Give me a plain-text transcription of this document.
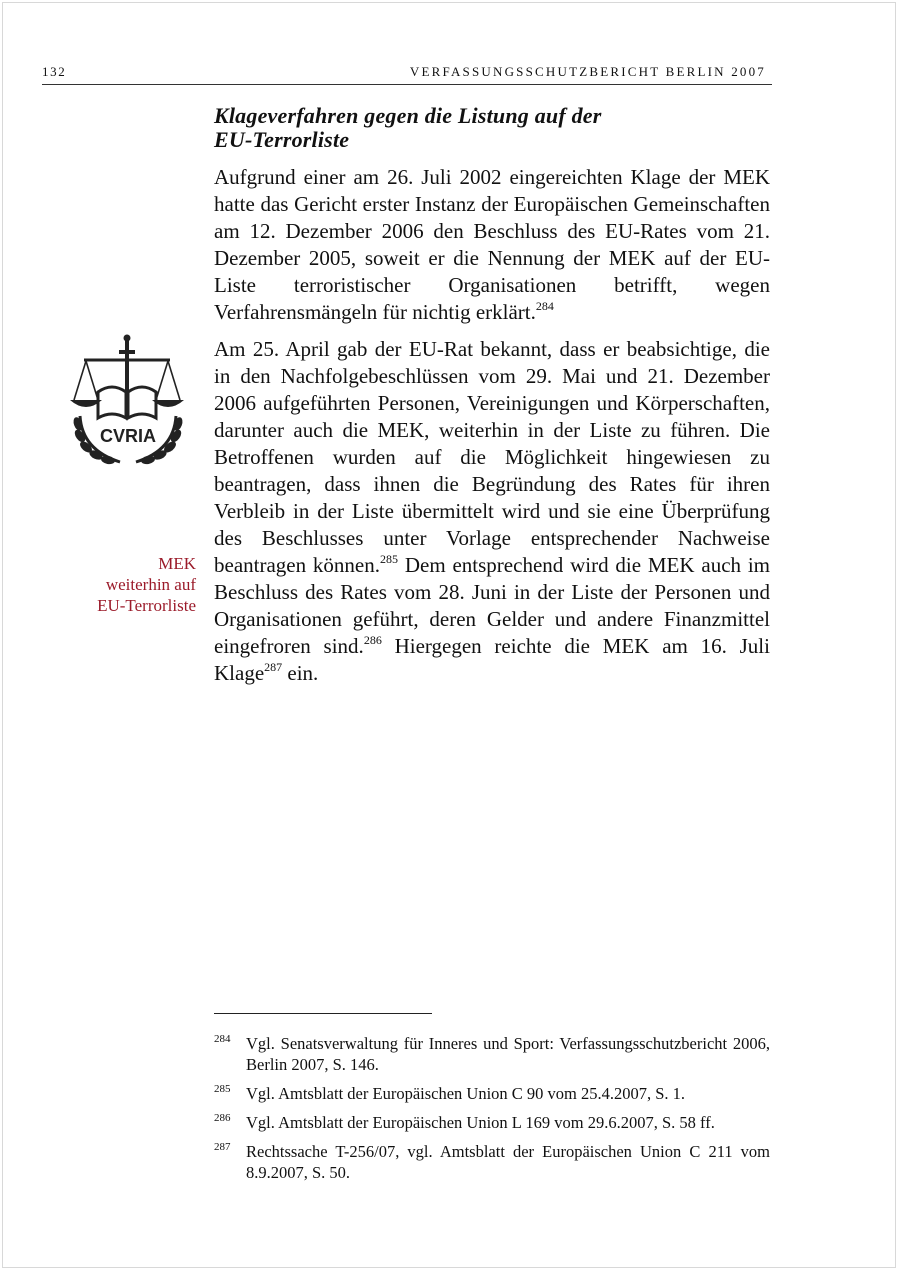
132	VERFASSUNGSSCHUTZBERICHT BERLIN 2007
Klageverfahren gegen die Listung auf der
EU-Terrorliste

Aufgrund einer am 26. Juli 2002 eingereichten Klage der MEK hatte das Gericht erster Instanz der Europäischen Gemeinschaften am 12. Dezember 2006 den Beschluss des EU-Rates vom 21. Dezember 2005, soweit er die Nennung der MEK auf der EU-Liste terroristischer Organisationen betrifft, wegen Verfahrensmängeln für nichtig erklärt.$^{284}$

Am 25. April gab der EU-Rat bekannt, dass er beabsichtige, die in den Nachfolgebeschlüssen vom 29. Mai und 21. Dezember 2006 aufgeführten Personen, Vereinigungen und Körperschaften, darunter auch die MEK, weiterhin in der Liste zu führen. Die Betroffenen wurden auf die Möglichkeit hingewiesen zu beantragen, dass ihnen die Begründung des Rates für ihren Verbleib in der Liste übermittelt wird und sie eine Überprüfung des Beschlusses unter Vorlage entsprechender Nachweise beantragen können.$^{285}$ Dem entsprechend wird die MEK auch im Beschluss des Rates vom 28. Juni in der Liste der Personen und Organisationen geführt, deren Gelder und andere Finanzmittel eingefroren sind.$^{286}$ Hiergegen reichte die MEK am 16. Juli Klage$^{287}$ ein.

CVRIA
MEK
weiterhin auf
EU-Terrorliste
284 Vgl. Senatsverwaltung für Inneres und Sport: Verfassungsschutzbericht 2006, Berlin 2007, S. 146.
285 Vgl. Amtsblatt der Europäischen Union C 90 vom 25.4.2007, S. 1.
286 Vgl. Amtsblatt der Europäischen Union L 169 vom 29.6.2007, S. 58 ff.
287 Rechtssache T-256/07, vgl. Amtsblatt der Europäischen Union C 211 vom 8.9.2007, S. 50.
